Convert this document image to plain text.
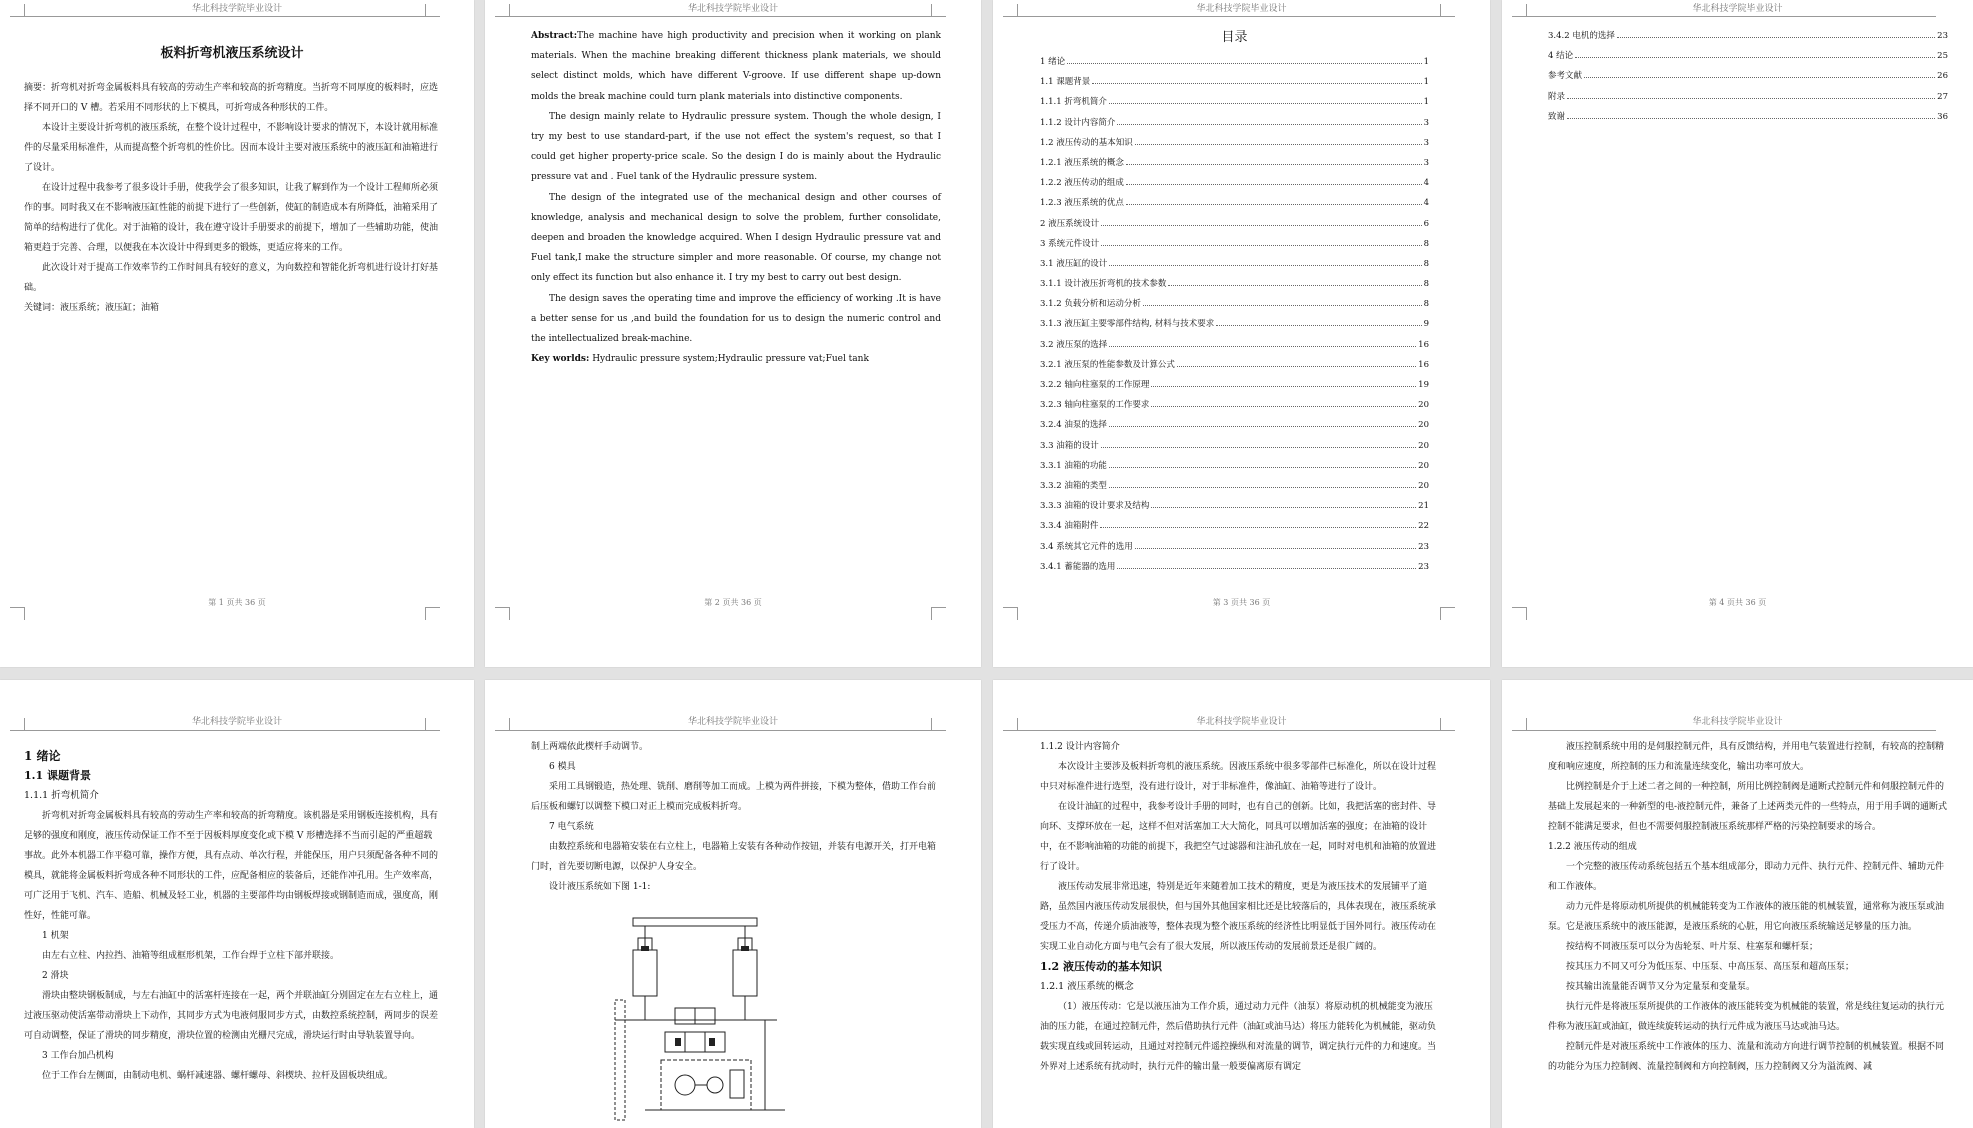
华北科技学院毕业设计

板料折弯机液压系统设计

摘要：折弯机对折弯金属板料具有较高的劳动生产率和较高的折弯精度。当折弯不同厚度的板料时，应选择不同开口的 V 槽。若采用不同形状的上下模具，可折弯成各种形状的工件。

本设计主要设计折弯机的液压系统，在整个设计过程中，不影响设计要求的情况下，本设计就用标准件的尽量采用标准件，从而提高整个折弯机的性价比。因而本设计主要对液压系统中的液压缸和油箱进行了设计。

在设计过程中我参考了很多设计手册，使我学会了很多知识，让我了解到作为一个设计工程师所必须作的事。同时我又在不影响液压缸性能的前提下进行了一些创新，使缸的制造成本有所降低，油箱采用了简单的结构进行了优化。对于油箱的设计，我在遵守设计手册要求的前提下，增加了一些辅助功能，使油箱更趋于完善、合理，以便我在本次设计中得到更多的锻炼，更适应将来的工作。

此次设计对于提高工作效率节约工作时间具有较好的意义，为向数控和智能化折弯机进行设计打好基础。

关键词：液压系统；液压缸；油箱

第 1 页共 36 页
华北科技学院毕业设计

Abstract:The machine have high productivity and precision when it working on plank materials. When the machine breaking different thickness plank materials, we should select distinct molds, which have different V-groove. If use different shape up-down molds the break machine could turn plank materials into distinctive components.

The design mainly relate to Hydraulic pressure system. Though the whole design, I try my best to use standard-part, if the use not effect the system's request, so that I could get higher property-price scale. So the design I do is mainly about the Hydraulic pressure vat and . Fuel tank of the Hydraulic pressure system.

The design of the integrated use of the mechanical design and other courses of knowledge, analysis and mechanical design to solve the problem, further consolidate, deepen and broaden the knowledge acquired. When I design Hydraulic pressure vat and Fuel tank,I make the structure simpler and more reasonable. Of course, my change not only effect its function but also enhance it. I try my best to carry out best design.

The design saves the operating time and improve the efficiency of working .It is have a better sense for us ,and build the foundation for us to design the numeric control and the intellectualized break-machine.

Key worlds: Hydraulic pressure system;Hydraulic pressure vat;Fuel tank

第 2 页共 36 页
华北科技学院毕业设计

目录

1 绪论	1
1.1 课题背景	1
1.1.1 折弯机简介	1
1.1.2 设计内容简介	3
1.2 液压传动的基本知识	3
1.2.1 液压系统的概念	3
1.2.2 液压传动的组成	4
1.2.3 液压系统的优点	4
2 液压系统设计	6
3 系统元件设计	8
3.1 液压缸的设计	8
3.1.1 设计液压折弯机的技术参数	8
3.1.2 负载分析和运动分析	8
3.1.3 液压缸主要零部件结构, 材料与技术要求	9
3.2 液压泵的选择	16
3.2.1 液压泵的性能参数及计算公式	16
3.2.2 轴向柱塞泵的工作原理	19
3.2.3 轴向柱塞泵的工作要求	20
3.2.4 油泵的选择	20
3.3 油箱的设计	20
3.3.1 油箱的功能	20
3.3.2 油箱的类型	20
3.3.3 油箱的设计要求及结构	21
3.3.4 油箱附件	22
3.4 系统其它元件的选用	23
3.4.1 蓄能器的选用	23
第 3 页共 36 页
华北科技学院毕业设计
3.4.2 电机的选择	23
4 结论	25
参考文献	26
附录	27
致谢	36
第 4 页共 36 页
华北科技学院毕业设计

1 绪论

1.1 课题背景

1.1.1 折弯机简介

折弯机对折弯金属板料具有较高的劳动生产率和较高的折弯精度。该机器是采用钢板连接机构，具有足够的强度和刚度，液压传动保证工作不至于因板料厚度变化或下模 V 形槽选择不当而引起的严重超载事故。此外本机器工作平稳可靠，操作方便，具有点动、单次行程，并能保压，用户只须配备各种不同的模具，就能将金属板料折弯成各种不同形状的工件，应配备相应的装备后，还能作冲孔用。生产效率高，可广泛用于飞机、汽车、造船、机械及轻工业，机器的主要部件均由钢板焊接或钢制造而成，强度高，刚性好，性能可靠。

1 机架

由左右立柱、内拉挡、油箱等组成框形机架，工作台焊于立柱下部并联接。

2 滑块

滑块由整块钢板制成，与左右油缸中的活塞杆连接在一起，两个并联油缸分别固定在左右立柱上，通过液压驱动使活塞带动滑块上下动作，其同步方式为电液伺服同步方式，由数控系统控制，两同步的误差可自动调整，保证了滑块的同步精度，滑块位置的检测由光栅尺完成，滑块运行时由导轨装置导向。

3 工作台加凸机构

位于工作台左侧面，由制动电机、蜗杆减速器、螺杆螺母、斜楔块、拉杆及固板块组成。

华北科技学院毕业设计

制上两端依此楔杆手动调节。

6 模具

采用工具钢锻造，热处理、铣削、磨削等加工而成。上模为两件拼接，下模为整体，借助工作台前后压板和螺钉以调整下模口对正上模而完成板料折弯。

7 电气系统

由数控系统和电器箱安装在右立柱上，电器箱上安装有各种动作按钮，并装有电源开关，打开电箱门时，首先要切断电源，以保护人身安全。

设计液压系统如下图 1-1:

华北科技学院毕业设计

1.1.2 设计内容简介

本次设计主要涉及板料折弯机的液压系统。因液压系统中很多零部件已标准化，所以在设计过程中只对标准件进行选型，没有进行设计，对于非标准件，像油缸、油箱等进行了设计。

在设计油缸的过程中，我参考设计手册的同时，也有自己的创新。比如，我把活塞的密封件、导向环、支撑环放在一起，这样不但对活塞加工大大简化，同具可以增加活塞的强度；在油箱的设计中，在不影响油箱的功能的前提下，我把空气过滤器和注油孔放在一起，同时对电机和油箱的放置进行了设计。

液压传动发展非常迅速，特别是近年来随着加工技术的精度，更是为液压技术的发展铺平了道路，虽然国内液压传动发展很快，但与国外其他国家相比还是比较落后的，具体表现在，液压系统承受压力不高，传递介质油液等，整体表现为整个液压系统的经济性比明显低于国外同行。液压传动在实现工业自动化方面与电气会有了很大发展，所以液压传动的发展前景还是很广阔的。

1.2 液压传动的基本知识

1.2.1 液压系统的概念

（1）液压传动：它是以液压油为工作介质，通过动力元件（油泵）将原动机的机械能变为液压油的压力能，在通过控制元件，然后借助执行元件（油缸或油马达）将压力能转化为机械能，驱动负载实现直线或回转运动，且通过对控制元件遥控操纵和对流量的调节，调定执行元件的力和速度。当外界对上述系统有扰动时，执行元件的输出量一般要偏离原有调定

华北科技学院毕业设计

液压控制系统中用的是伺服控制元件，具有反馈结构，并用电气装置进行控制，有较高的控制精度和响应速度，所控制的压力和流量连续变化，输出功率可放大。

比例控制是介于上述二者之间的一种控制，所用比例控制阀是通断式控制元件和伺服控制元件的基础上发展起来的一种新型的电-液控制元件，兼备了上述两类元件的一些特点，用于用手调的通断式控制不能满足要求，但也不需要伺服控制液压系统那样严格的污染控制要求的场合。

1.2.2 液压传动的组成

一个完整的液压传动系统包括五个基本组成部分，即动力元件、执行元件、控制元件、辅助元件和工作液体。

动力元件是将原动机所提供的机械能转变为工作液体的液压能的机械装置，通常称为液压泵或油泵。它是液压系统中的液压能源，是液压系统的心脏，用它向液压系统输送足够量的压力油。

按结构不同液压泵可以分为齿轮泵、叶片泵、柱塞泵和螺杆泵；

按其压力不同又可分为低压泵、中压泵、中高压泵、高压泵和超高压泵；

按其输出流量能否调节又分为定量泵和变量泵。

执行元件是将液压泵所提供的工作液体的液压能转变为机械能的装置，常是线往复运动的执行元件称为液压缸或油缸，做连续旋转运动的执行元件成为液压马达或油马达。

控制元件是对液压系统中工作液体的压力、流量和流动方向进行调节控制的机械装置。根据不同的功能分为压力控制阀、流量控制阀和方向控制阀，压力控制阀又分为溢流阀、减
